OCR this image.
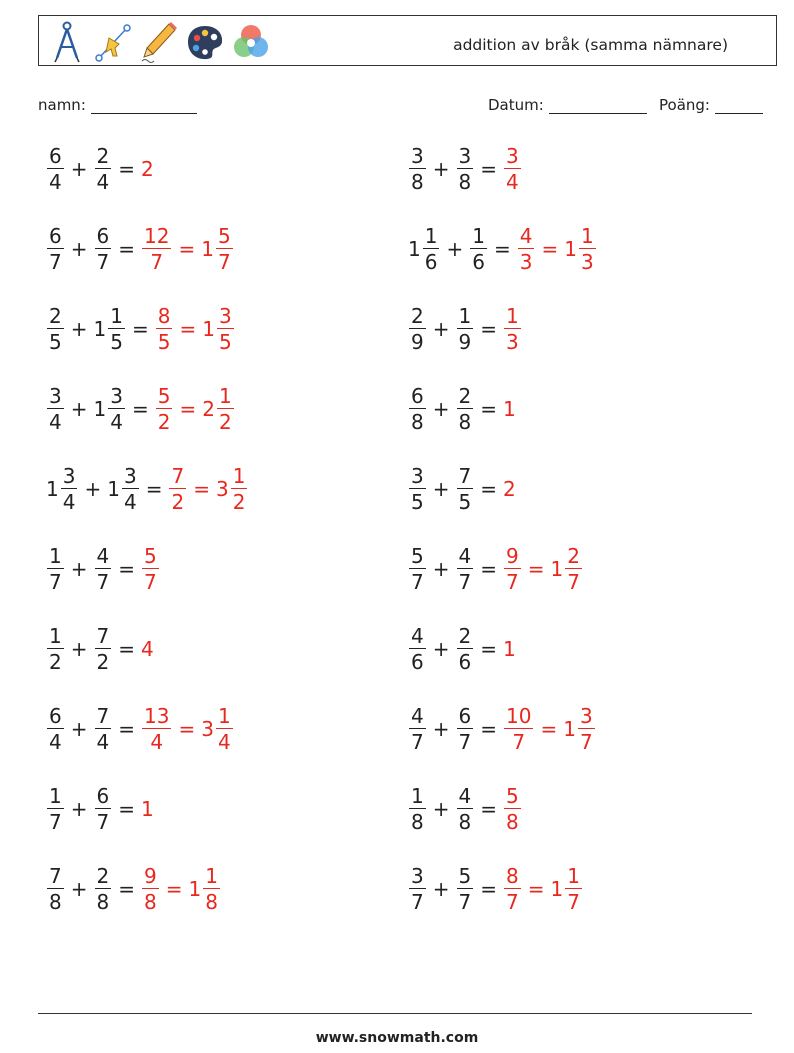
addition av bråk (samma nämnare)
namn:	Datum:	Poäng:
$\frac{6}{4} + \frac{2}{4} = 2$
$\frac{6}{7} + \frac{6}{7} = \frac{12}{7} = 1 \frac{5}{7}$
$\frac{2}{5} + 1 \frac{1}{5} = \frac{8}{5} = 1 \frac{3}{5}$
$\frac{3}{4} + 1 \frac{3}{4} = \frac{5}{2} = 2 \frac{1}{2}$
$1 \frac{3}{4} + 1 \frac{3}{4} = \frac{7}{2} = 3 \frac{1}{2}$
$\frac{1}{7} + \frac{4}{7} = \frac{5}{7}$
$\frac{1}{2} + \frac{7}{2} = 4$
$\frac{6}{4} + \frac{7}{4} = \frac{13}{4} = 3 \frac{1}{4}$
$\frac{1}{7} + \frac{6}{7} = 1$
$\frac{7}{8} + \frac{2}{8} = \frac{9}{8} = 1 \frac{1}{8}$
$\frac{3}{8} + \frac{3}{8} = \frac{3}{4}$
$1 \frac{1}{6} + \frac{1}{6} = \frac{4}{3} = 1 \frac{1}{3}$
$\frac{2}{9} + \frac{1}{9} = \frac{1}{3}$
$\frac{6}{8} + \frac{2}{8} = 1$
$\frac{3}{5} + \frac{7}{5} = 2$
$\frac{5}{7} + \frac{4}{7} = \frac{9}{7} = 1 \frac{2}{7}$
$\frac{4}{6} + \frac{2}{6} = 1$
$\frac{4}{7} + \frac{6}{7} = \frac{10}{7} = 1 \frac{3}{7}$
$\frac{1}{8} + \frac{4}{8} = \frac{5}{8}$
$\frac{3}{7} + \frac{5}{7} = \frac{8}{7} = 1 \frac{1}{7}$
www.snowmath.com
